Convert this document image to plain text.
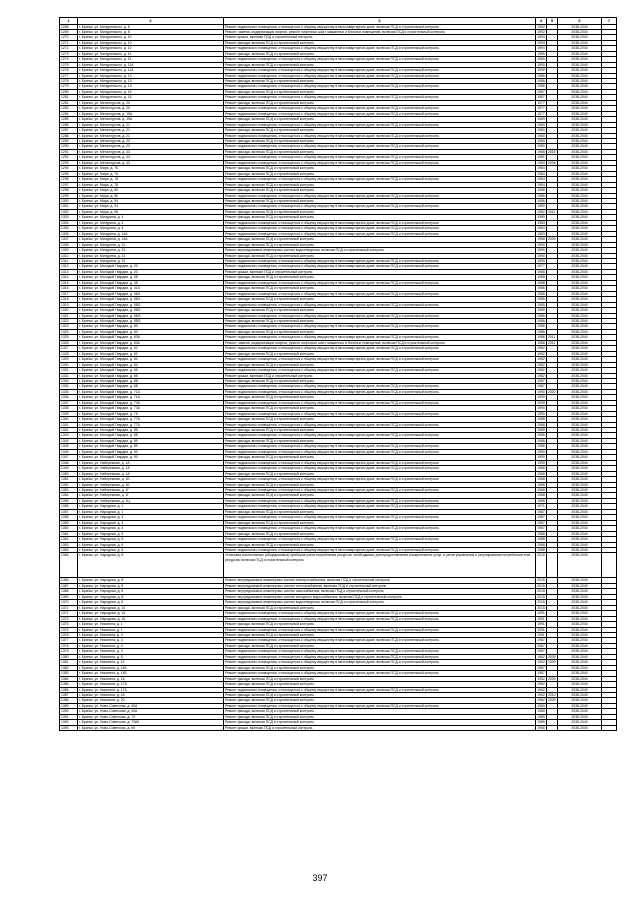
1	2	3	4	5	6	7
1268	г. Брянск, ул. Мичуринского, д. 8	Ремонт подвального помещения, относящегося к общему имуществу в многоквартирном доме, включая ПСД и строительный контроль	1992		2038-2040	
1269	г. Брянск, ул. Мичуринского, д. 8	Ремонт, замена, модернизация лифтов, ремонт лифтовых шахт, машинных и блочных помещений, включая ПСД и строительный контроль	1992		2038-2040	
1270	г. Брянск, ул. Мичуринского, д. 10	Ремонт крыши, включая ПСД и строительный контроль	1994		2038-2040	
1271	г. Брянск, ул. Мичуринского, д. 10	Ремонт фасада, включая ПСД и строительный контроль	1994		2038-2040	
1272	г. Брянск, ул. Мичуринского, д. 10	Ремонт подвального помещения, относящегося к общему имуществу в многоквартирном доме, включая ПСД и строительный контроль	1994		2038-2040	
1273	г. Брянск, ул. Мичуринского, д. 11	Ремонт фасада, включая ПСД и строительный контроль	1969		2038-2040	
1274	г. Брянск, ул. Мичуринского, д. 11	Ремонт подвального помещения, относящегося к общему имуществу в многоквартирном доме, включая ПСД и строительный контроль	1969		2038-2040	
1275	г. Брянск, ул. Мичуринского, д. 11А	Ремонт фасада, включая ПСД и строительный контроль	1990		2038-2040	
1276	г. Брянск, ул. Мичуринского, д. 11А	Ремонт подвального помещения, относящегося к общему имуществу в многоквартирном доме, включая ПСД и строительный контроль	1990		2038-2040	
1277	г. Брянск, ул. Мичуринского, д. 13	Ремонт подвального помещения, относящегося к общему имуществу в многоквартирном доме, включая ПСД и строительный контроль	1986		2038-2040	
1278	г. Брянск, ул. Мичуринского, д. 13	Ремонт фасада, включая ПСД и строительный контроль	1986		2038-2040	
1279	г. Брянск, ул. Мичуринского, д. 13	Ремонт подвального помещения, относящегося к общему имуществу в многоквартирном доме, включая ПСД и строительный контроль	1986		2038-2040	
1280	г. Брянск, ул. Мичуринского, д. 15	Ремонт фасада, включая ПСД и строительный контроль	1987		2038-2040	
1281	г. Брянск, ул. Мичуринского, д. 15	Ремонт подвального помещения, относящегося к общему имуществу в многоквартирном доме, включая ПСД и строительный контроль	1987		2038-2040	
1282	г. Брянск, ул. Металлургов, д. 20	Ремонт фасада, включая ПСД и строительный контроль	1977		2038-2040	
1283	г. Брянск, ул. Металлургов, д. 20	Ремонт подвального помещения, относящегося к общему имуществу в многоквартирном доме, включая ПСД и строительный контроль	1977		2038-2040	
1284	г. Брянск, ул. Металлургов, д. 19А	Ремонт подвального помещения, относящегося к общему имуществу в многоквартирном доме, включая ПСД и строительный контроль	1977		2038-2040	
1285	г. Брянск, ул. Металлургов, д. 19А	Ремонт фасада, включая ПСД и строительный контроль	1969		2038-2040	
1286	г. Брянск, ул. Металлургов, д. 21	Ремонт подвального помещения, относящегося к общему имуществу в многоквартирном доме, включая ПСД и строительный контроль	1969		2038-2040	
1287	г. Брянск, ул. Металлургов, д. 21	Ремонт фасада, включая ПСД и строительный контроль	1980		2038-2040	
1288	г. Брянск, ул. Металлургов, д. 21	Ремонт подвального помещения, относящегося к общему имуществу в многоквартирном доме, включая ПСД и строительный контроль	1980		2038-2040	
1289	г. Брянск, ул. Металлургов, д. 23	Ремонт фасада, включая ПСД и строительный контроль	1980		2038-2040	
1290	г. Брянск, ул. Металлургов, д. 23	Ремонт подвального помещения, относящегося к общему имуществу в многоквартирном доме, включая ПСД и строительный контроль	1980		2038-2040	
1291	г. Брянск, ул. Металлургов, д. 43	Ремонт фасада, включая ПСД и строительный контроль	1985	2018	2038-2040	
1292	г. Брянск, ул. Металлургов, д. 43	Ремонт подвального помещения, относящегося к общему имуществу в многоквартирном доме, включая ПСД и строительный контроль	1981		2038-2040	
1293	г. Брянск, ул. Металлургов, д. 43	Ремонт подвального помещения, относящегося к общему имуществу в многоквартирном доме, включая ПСД и строительный контроль	1984	2006	2038-2040	
1294	г. Брянск, ул. Мира, д. 76	Ремонт фасада, включая ПСД и строительный контроль	1984		2038-2040	
1295	г. Брянск, ул. Мира, д. 76	Ремонт фасада, включая ПСД и строительный контроль	1984		2038-2040	
1296	г. Брянск, ул. Мира, д. 78	Ремонт подвального помещения, относящегося к общему имуществу в многоквартирном доме, включая ПСД и строительный контроль	1984		2038-2040	
1297	г. Брянск, ул. Мира, д. 78	Ремонт фасада, включая ПСД и строительный контроль	1984		2038-2040	
1298	г. Брянск, ул. Мира, д. 80	Ремонт фасада, включая ПСД и строительный контроль	1986		2038-2040	
1299	г. Брянск, ул. Мира, д. 80	Ремонт подвального помещения, относящегося к общему имуществу в многоквартирном доме, включая ПСД и строительный контроль	1986		2038-2040	
1300	г. Брянск, ул. Мира, д. 94	Ремонт фасада, включая ПСД и строительный контроль	1986		2038-2040	
1301	г. Брянск, ул. Мира, д. 94	Ремонт подвального помещения, относящегося к общему имуществу в многоквартирном доме, включая ПСД и строительный контроль	1980		2038-2040	
1302	г. Брянск, ул. Мира, д. 96	Ремонт фасада, включая ПСД и строительный контроль	1982	2011	2038-2040	
1303	г. Брянск, ул. Мичурина, д. 4	Ремонт фасада, включая ПСД и строительный контроль	1989		2038-2040	
1304	г. Брянск, ул. Мичурина, д. 4	Ремонт подвального помещения, относящегося к общему имуществу в многоквартирном доме, включая ПСД и строительный контроль	1983		2038-2040	
1305	г. Брянск, ул. Мичурина, д. 4	Ремонт подвального помещения, относящегося к общему имуществу в многоквартирном доме, включая ПСД и строительный контроль	1983		2038-2040	
1306	г. Брянск, ул. Мичурина, д. 14А	Ремонт подвального помещения, относящегося к общему имуществу в многоквартирном доме, включая ПСД и строительный контроль	1983		2038-2040	
1307	г. Брянск, ул. Мичурина, д. 14А	Ремонт фасада, включая ПСД и строительный контроль	1958	2009	2038-2040	
1308	г. Брянск, ул. Мичурина, д. 31	Ремонт фасада, включая ПСД и строительный контроль	1990		2038-2040	
1309	г. Брянск, ул. Мичурина, д. 31	Ремонт внутридомовых инженерных систем водоотведения, включая ПСД и строительный контроль	1990		2038-2040	
1310	г. Брянск, ул. Мичурина, д. 31	Ремонт фасада, включая ПСД и строительный контроль	1990		2038-2040	
1311	г. Брянск, ул. Мичурина, д. 31	Ремонт подвального помещения, относящегося к общему имуществу в многоквартирном доме, включая ПСД и строительный контроль	1990		2038-2040	
1312	г. Брянск, ул. Молодой Гвардии, д. 20	Ремонт подвального помещения, относящегося к общему имуществу в многоквартирном доме, включая ПСД и строительный контроль	1977		2038-2040	
1313	г. Брянск, ул. Молодой Гвардии, д. 20	Ремонт крыши, включая ПСД и строительный контроль	1988		2038-2040	
1314	г. Брянск, ул. Молодой Гвардии, д. 38	Ремонт фасада, включая ПСД и строительный контроль	1988		2038-2040	
1315	г. Брянск, ул. Молодой Гвардии, д. 38	Ремонт подвального помещения, относящегося к общему имуществу в многоквартирном доме, включая ПСД и строительный контроль	1988		2038-2040	
1316	г. Брянск, ул. Молодой Гвардии, д. 41А	Ремонт фасада, включая ПСД и строительный контроль	1986		2038-2040	
1317	г. Брянск, ул. Молодой Гвардии, д. 58/1	Ремонт подвального помещения, относящегося к общему имуществу в многоквартирном доме, включая ПСД и строительный контроль	1985		2038-2040	
1318	г. Брянск, ул. Молодой Гвардии, д. 58/1	Ремонт фасада, включая ПСД и строительный контроль	1985		2038-2040	
1319	г. Брянск, ул. Молодой Гвардии, д. 58/2	Ремонт подвального помещения, относящегося к общему имуществу в многоквартирном доме, включая ПСД и строительный контроль	1985		2038-2040	
1320	г. Брянск, ул. Молодой Гвардии, д. 58/2	Ремонт фасада, включая ПСД и строительный контроль	1985		2038-2040	
1321	г. Брянск, ул. Молодой Гвардии, д. 58/3	Ремонт подвального помещения, относящегося к общему имуществу в многоквартирном доме, включая ПСД и строительный контроль	1986		2038-2040	
1322	г. Брянск, ул. Молодой Гвардии, д. 58/3	Ремонт фасада, включая ПСД и строительный контроль	1986		2038-2040	
1323	г. Брянск, ул. Молодой Гвардии, д. 60	Ремонт подвального помещения, относящегося к общему имуществу в многоквартирном доме, включая ПСД и строительный контроль	1986		2038-2040	
1324	г. Брянск, ул. Молодой Гвардии, д. 60	Ремонт фасада, включая ПСД и строительный контроль	1986		2038-2040	
1325	г. Брянск, ул. Молодой Гвардии, д. 60А	Ремонт подвального помещения, относящегося к общему имуществу в многоквартирном доме, включая ПСД и строительный контроль	1986	2011	2038-2040	
1326	г. Брянск, ул. Молодой Гвардии, д. 60А	Ремонт, замена, модернизация лифтов, ремонт лифтовых шахт, машинных и блочных помещений, включая ПСД и строительный контроль	1986	2011	2038-2040	
1327	г. Брянск, ул. Молодой Гвардии, д. 62	Ремонт подвального помещения, относящегося к общему имуществу в многоквартирном доме, включая ПСД и строительный контроль	1982		2038-2040	
1328	г. Брянск, ул. Молодой Гвардии, д. 62	Ремонт фасада, включая ПСД и строительный контроль	1982		2038-2040	
1329	г. Брянск, ул. Молодой Гвардии, д. 64	Ремонт подвального помещения, относящегося к общему имуществу в многоквартирном доме, включая ПСД и строительный контроль	1982		2038-2040	
1330	г. Брянск, ул. Молодой Гвардии, д. 64	Ремонт фасада, включая ПСД и строительный контроль	1982		2038-2040	
1331	г. Брянск, ул. Молодой Гвардии, д. 66	Ремонт подвального помещения, относящегося к общему имуществу в многоквартирном доме, включая ПСД и строительный контроль	1982		2038-2040	
1332	г. Брянск, ул. Молодой Гвардии, д. 66	Ремонт крыши, включая ПСД и строительный контроль	1982		2038-2040	
1333	г. Брянск, ул. Молодой Гвардии, д. 68	Ремонт фасада, включая ПСД и строительный контроль	1987		2038-2040	
1334	г. Брянск, ул. Молодой Гвардии, д. 68	Ремонт подвального помещения, относящегося к общему имуществу в многоквартирном доме, включая ПСД и строительный контроль	1987		2038-2040	
1335	г. Брянск, ул. Молодой Гвардии, д. 71А	Ремонт подвального помещения, относящегося к общему имуществу в многоквартирном доме, включая ПСД и строительный контроль	1990	2020	2038-2040	
1336	г. Брянск, ул. Молодой Гвардии, д. 71А	Ремонт фасада, включая ПСД и строительный контроль	1990		2038-2040	
1337	г. Брянск, ул. Молодой Гвардии, д. 73А	Ремонт подвального помещения, относящегося к общему имуществу в многоквартирном доме, включая ПСД и строительный контроль	1990		2038-2040	
1338	г. Брянск, ул. Молодой Гвардии, д. 73А	Ремонт фасада, включая ПСД и строительный контроль	1990		2038-2040	
1339	г. Брянск, ул. Молодой Гвардии, д. 75	Ремонт подвального помещения, относящегося к общему имуществу в многоквартирном доме, включая ПСД и строительный контроль	1990		2038-2040	
1340	г. Брянск, ул. Молодой Гвардии, д. 77А	Ремонт фасада, включая ПСД и строительный контроль	1988		2038-2040	
1341	г. Брянск, ул. Молодой Гвардии, д. 77А	Ремонт подвального помещения, относящегося к общему имуществу в многоквартирном доме, включая ПСД и строительный контроль	1988		2038-2040	
1342	г. Брянск, ул. Молодой Гвардии, д. 85	Ремонт фасада, включая ПСД и строительный контроль	1985		2038-2040	
1343	г. Брянск, ул. Молодой Гвардии, д. 85	Ремонт подвального помещения, относящегося к общему имуществу в многоквартирном доме, включая ПСД и строительный контроль	1985		2038-2040	
1344	г. Брянск, ул. Молодой Гвардии, д. 89	Ремонт фасада, включая ПСД и строительный контроль	1986		2038-2040	
1345	г. Брянск, ул. Молодой Гвардии, д. 89	Ремонт подвального помещения, относящегося к общему имуществу в многоквартирном доме, включая ПСД и строительный контроль	1986		2038-2040	
1346	г. Брянск, ул. Молодой Гвардии, д. 90	Ремонт подвального помещения, относящегося к общему имуществу в многоквартирном доме, включая ПСД и строительный контроль	1990		2038-2040	
1347	г. Брянск, ул. Молодой Гвардии, д. 90	Ремонт фасада, включая ПСД и строительный контроль	1990		2038-2040	
1348	г. Брянск, ул. Набережная, д. 1А	Ремонт подвального помещения, относящегося к общему имуществу в многоквартирном доме, включая ПСД и строительный контроль	1990		2038-2040	
1349	г. Брянск, ул. Набережная, д. 1А	Ремонт подвального помещения, относящегося к общему имуществу в многоквартирном доме, включая ПСД и строительный контроль	1968		2038-2040	
1350	г. Брянск, ул. Набережная, д. 1А	Ремонт фасада, включая ПСД и строительный контроль	1968		2038-2040	
1351	г. Брянск, ул. Набережная, д. 1Б	Ремонт подвального помещения, относящегося к общему имуществу в многоквартирном доме, включая ПСД и строительный контроль	1968		2038-2040	
1352	г. Брянск, ул. Набережная, д. 1Б	Ремонт фасада, включая ПСД и строительный контроль	1968		2038-2040	
1353	г. Брянск, ул. Набережная, д. 1Г	Ремонт подвального помещения, относящегося к общему имуществу в многоквартирном доме, включая ПСД и строительный контроль	1968		2038-2040	
1354	г. Брянск, ул. Набережная, д. 1Г	Ремонт фасада, включая ПСД и строительный контроль	1968		2038-2040	
1355	г. Брянск, ул. Набережная, д. 1Ц	Ремонт подвального помещения, относящегося к общему имуществу в многоквартирном доме, включая ПСД и строительный контроль	1968		2038-2040	
1356	г. Брянск, ул. Народная, д. 1	Ремонт подвального помещения, относящегося к общему имуществу в многоквартирном доме, включая ПСД и строительный контроль	1971		2038-2040	
1357	г. Брянск, ул. Народная, д. 1	Ремонт фасада, включая ПСД и строительный контроль	1987		2038-2040	
1358	г. Брянск, ул. Народная, д. 3	Ремонт подвального помещения, относящегося к общему имуществу в многоквартирном доме, включая ПСД и строительный контроль	1987		2038-2040	
1359	г. Брянск, ул. Народная, д. 3	Ремонт фасада, включая ПСД и строительный контроль	1987		2038-2040	
1360	г. Брянск, ул. Народная, д. 5	Ремонт подвального помещения, относящегося к общему имуществу в многоквартирном доме, включая ПСД и строительный контроль	1987		2038-2040	
1361	г. Брянск, ул. Народная, д. 5	Ремонт фасада, включая ПСД и строительный контроль	1988		2038-2040	
1362	г. Брянск, ул. Народная, д. 6	Ремонт подвального помещения, относящегося к общему имуществу в многоквартирном доме, включая ПСД и строительный контроль	1988		2038-2040	
1363	г. Брянск, ул. Народная, д. 6	Ремонт фасада, включая ПСД и строительный контроль	1988		2038-2040	
1364	г. Брянск, ул. Народная, д. 6	Ремонт подвального помещения, относящегося к общему имуществу в многоквартирном доме, включая ПСД и строительный контроль	1988		2038-2040	
1365	г. Брянск, ул. Народная, д. 8	Установка коллективных (общедомовых) приборов учета потребления ресурсов, необходимых для предоставления коммунальных услуг, и узлов управления и регулирования потребления этих ресурсов, включая ПСД и строительный контроль	2015		2038-2040	
1366	г. Брянск, ул. Народная, д. 8	Ремонт внутридомовых инженерных систем электроснабжения, включая ПСД и строительный контроль	2015		2038-2040	
1367	г. Брянск, ул. Народная, д. 8	Ремонт внутридомовых инженерных систем теплоснабжения, включая ПСД и строительный контроль	2015		2038-2040	
1368	г. Брянск, ул. Народная, д. 8	Ремонт внутридомовых инженерных систем газоснабжения, включая ПСД и строительный контроль	2015		2038-2040	
1369	г. Брянск, ул. Народная, д. 8	Ремонт внутридомовых инженерных систем холодного водоснабжения, включая ПСД и строительный контроль	2015		2038-2040	
1370	г. Брянск, ул. Народная, д. 8	Ремонт внутридомовых инженерных систем водоотведения, включая ПСД и строительный контроль	2015		2038-2040	
1371	г. Брянск, ул. Народная, д. 14	Ремонт фасада, включая ПСД и строительный контроль	2015		2038-2040	
1372	г. Брянск, ул. Народная, д. 14	Ремонт подвального помещения, относящегося к общему имуществу в многоквартирном доме, включая ПСД и строительный контроль	1991		2038-2040	
1373	г. Брянск, ул. Народная, д. 16	Ремонт подвального помещения, относящегося к общему имуществу в многоквартирном доме, включая ПСД и строительный контроль	1991		2038-2040	
1374	г. Брянск, ул. Никитина, д. 1	Ремонт фасада, включая ПСД и строительный контроль	1991		2038-2040	
1375	г. Брянск, ул. Никитина, д. 1	Ремонт подвального помещения, относящегося к общему имуществу в многоквартирном доме, включая ПСД и строительный контроль	1991		2038-2040	
1376	г. Брянск, ул. Никитина, д. 3	Ремонт фасада, включая ПСД и строительный контроль	1991		2038-2040	
1377	г. Брянск, ул. Никитина, д. 3	Ремонт подвального помещения, относящегося к общему имуществу в многоквартирном доме, включая ПСД и строительный контроль	1987		2038-2040	
1378	г. Брянск, ул. Никитина, д. 4	Ремонт фасада, включая ПСД и строительный контроль	1987		2038-2040	
1379	г. Брянск, ул. Никитина, д. 4	Ремонт подвального помещения, относящегося к общему имуществу в многоквартирном доме, включая ПСД и строительный контроль	1987		2038-2040	
1380	г. Брянск, ул. Никитина, д. 5	Ремонт подвального помещения, относящегося к общему имуществу в многоквартирном доме, включая ПСД и строительный контроль	1962	2009	2038-2040	
1381	г. Брянск, ул. Никитина, д. 14	Ремонт подвального помещения, относящегося к общему имуществу в многоквартирном доме, включая ПСД и строительный контроль	1962	2009	2038-2040	
1382	г. Брянск, ул. Никитина, д. 14Б	Ремонт фасада, включая ПСД и строительный контроль	1987		2038-2040	
1383	г. Брянск, ул. Никитина, д. 14Б	Ремонт подвального помещения, относящегося к общему имуществу в многоквартирном доме, включая ПСД и строительный контроль	1987		2038-2040	
1384	г. Брянск, ул. Никитина, д. 16	Ремонт фасада, включая ПСД и строительный контроль	1952	2009	2038-2040	
1385	г. Брянск, ул. Никитина, д. 17А	Ремонт фасада, включая ПСД и строительный контроль	1982		2038-2040	
1386	г. Брянск, ул. Никитина, д. 17А	Ремонт подвального помещения, относящегося к общему имуществу в многоквартирном доме, включая ПСД и строительный контроль	1982		2038-2040	
1387	г. Брянск, ул. Никитина, д. 18	Ремонт фасада, включая ПСД и строительный контроль	1962	2010	2038-2040	
1388	г. Брянск, ул. Никитина, д. 20	Ремонт фасада, включая ПСД и строительный контроль	1962	2009	2038-2040	
1389	г. Брянск, ул. Ново-Советская, д. 40А	Ремонт подвального помещения, относящегося к общему имуществу в многоквартирном доме, включая ПСД и строительный контроль	1980		2038-2040	
1390	г. Брянск, ул. Ново-Советская, д. 40А	Ремонт фасада, включая ПСД и строительный контроль	1980		2038-2040	
1391	г. Брянск, ул. Ново-Советская, д. 73	Ремонт фасада, включая ПСД и строительный контроль	1989		2038-2040	
1392	г. Брянск, ул. Ново-Советская, д. 73А6	Ремонт фасада, включая ПСД и строительный контроль	1989		2038-2040	
1393	г. Брянск, ул. Ново-Советская, д. 69	Ремонт крыши, включая ПСД и строительный контроль	1965		2038-2040	
397
